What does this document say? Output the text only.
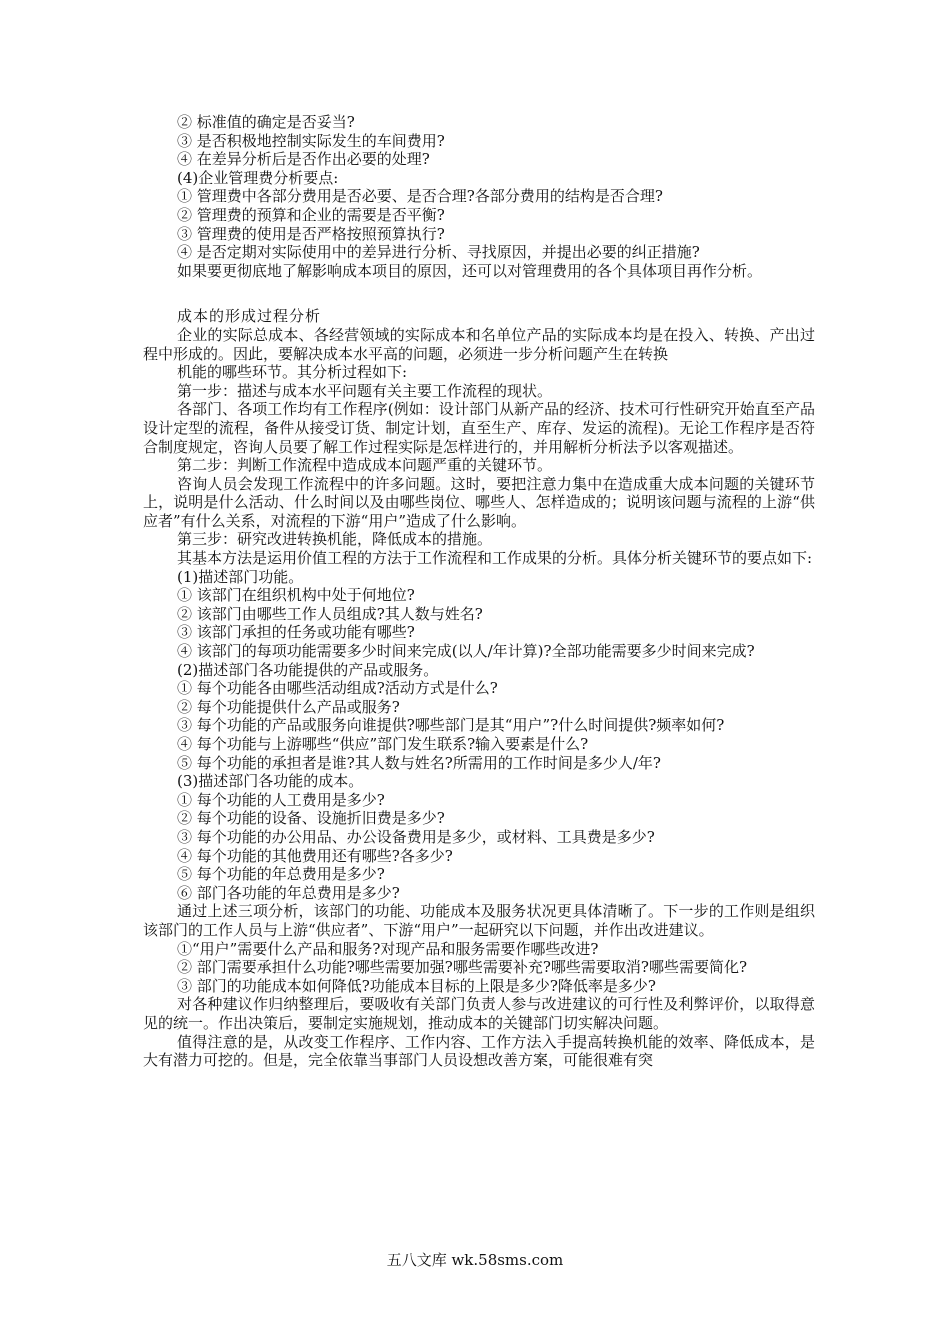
② 标准值的确定是否妥当?
③ 是否积极地控制实际发生的车间费用?
④ 在差异分析后是否作出必要的处理?
(4)企业管理费分析要点:
① 管理费中各部分费用是否必要、是否合理?各部分费用的结构是否合理?
② 管理费的预算和企业的需要是否平衡?
③ 管理费的使用是否严格按照预算执行?
④ 是否定期对实际使用中的差异进行分析、寻找原因，并提出必要的纠正措施?
如果要更彻底地了解影响成本项目的原因，还可以对管理费用的各个具体项目再作分析。
成本的形成过程分析
企业的实际总成本、各经营领域的实际成本和名单位产品的实际成本均是在投入、转换、产出过程中形成的。因此，要解决成本水平高的问题，必须进一步分析问题产生在转换
机能的哪些环节。其分析过程如下:
第一步：描述与成本水平问题有关主要工作流程的现状。
各部门、各项工作均有工作程序(例如：设计部门从新产品的经济、技术可行性研究开始直至产品设计定型的流程，备件从接受订货、制定计划，直至生产、库存、发运的流程)。无论工作程序是否符合制度规定，咨询人员要了解工作过程实际是怎样进行的，并用解析分析法予以客观描述。
第二步：判断工作流程中造成成本问题严重的关键环节。
咨询人员会发现工作流程中的许多问题。这时，要把注意力集中在造成重大成本问题的关键环节上，说明是什么活动、什么时间以及由哪些岗位、哪些人、怎样造成的；说明该问题与流程的上游“供应者”有什么关系，对流程的下游“用户”造成了什么影响。
第三步：研究改进转换机能，降低成本的措施。
其基本方法是运用价值工程的方法于工作流程和工作成果的分析。具体分析关键环节的要点如下:
(1)描述部门功能。
① 该部门在组织机构中处于何地位?
② 该部门由哪些工作人员组成?其人数与姓名?
③ 该部门承担的任务或功能有哪些?
④ 该部门的每项功能需要多少时间来完成(以人/年计算)?全部功能需要多少时间来完成?
(2)描述部门各功能提供的产品或服务。
① 每个功能各由哪些活动组成?活动方式是什么?
② 每个功能提供什么产品或服务?
③ 每个功能的产品或服务向谁提供?哪些部门是其“用户”?什么时间提供?频率如何?
④ 每个功能与上游哪些“供应”部门发生联系?输入要素是什么?
⑤ 每个功能的承担者是谁?其人数与姓名?所需用的工作时间是多少人/年?
(3)描述部门各功能的成本。
① 每个功能的人工费用是多少?
② 每个功能的设备、设施折旧费是多少?
③ 每个功能的办公用品、办公设备费用是多少，或材料、工具费是多少?
④ 每个功能的其他费用还有哪些?各多少?
⑤ 每个功能的年总费用是多少?
⑥ 部门各功能的年总费用是多少?
通过上述三项分析，该部门的功能、功能成本及服务状况更具体清晰了。下一步的工作则是组织该部门的工作人员与上游“供应者”、下游“用户”一起研究以下问题，并作出改进建议。
①“用户”需要什么产品和服务?对现产品和服务需要作哪些改进?
② 部门需要承担什么功能?哪些需要加强?哪些需要补充?哪些需要取消?哪些需要简化?
③ 部门的功能成本如何降低?功能成本目标的上限是多少?降低率是多少?
对各种建议作归纳整理后，要吸收有关部门负责人参与改进建议的可行性及利弊评价，以取得意见的统一。作出决策后，要制定实施规划，推动成本的关键部门切实解决问题。
值得注意的是，从改变工作程序、工作内容、工作方法入手提高转换机能的效率、降低成本，是大有潜力可挖的。但是，完全依靠当事部门人员设想改善方案，可能很难有突
五八文库 wk.58sms.com
